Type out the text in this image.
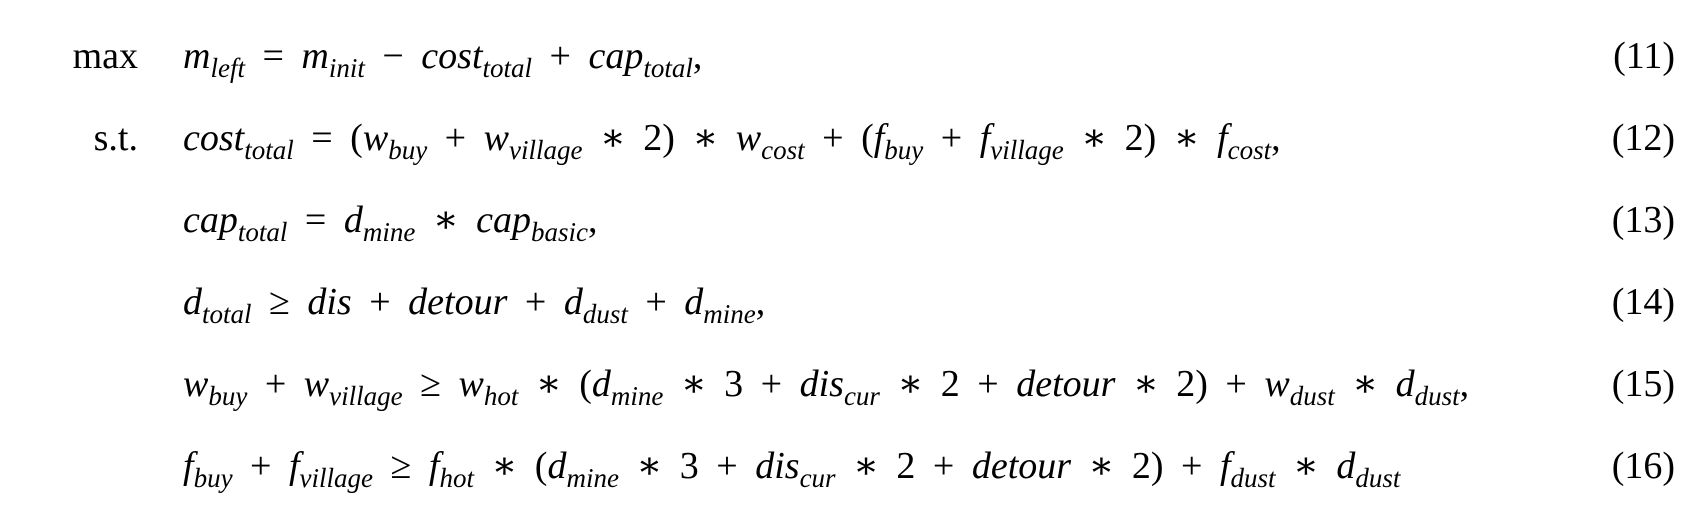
$\max m_{left} = m_{init} - \cos t_{total} + cap_{total}$,	(11)
s.t. $\cos t_{total} = (w_{buy} + w_{village}$ ∗ 2) ∗ $w_{cost} + (f_{buy} + f_{village}$ ∗ 2) ∗ $f_{cost}$,	(12)
$cap_{total} = d_{mine}$ ∗ cap$_{basic}$,	(13)
$d_{total}$ ≥ dis + detour + $d_{dust} + d_{mine}$,	(14)
$w_{buy} + w_{village} \ge w_{hot}$ ∗ ($d_{mine}$ ∗ 3 + dis$_{cur}$ ∗ 2 + detour ∗ $2) + w_{dust}$ ∗ $d_{dust}$,	(15)
$f_{buy} + f_{village} \ge f_{hot}$ ∗ ($d_{mine}$ ∗ 3 + dis$_{cur}$ ∗ 2 + detour ∗ $2) + f_{dust}$ ∗ $d_{dust}$	(16)
